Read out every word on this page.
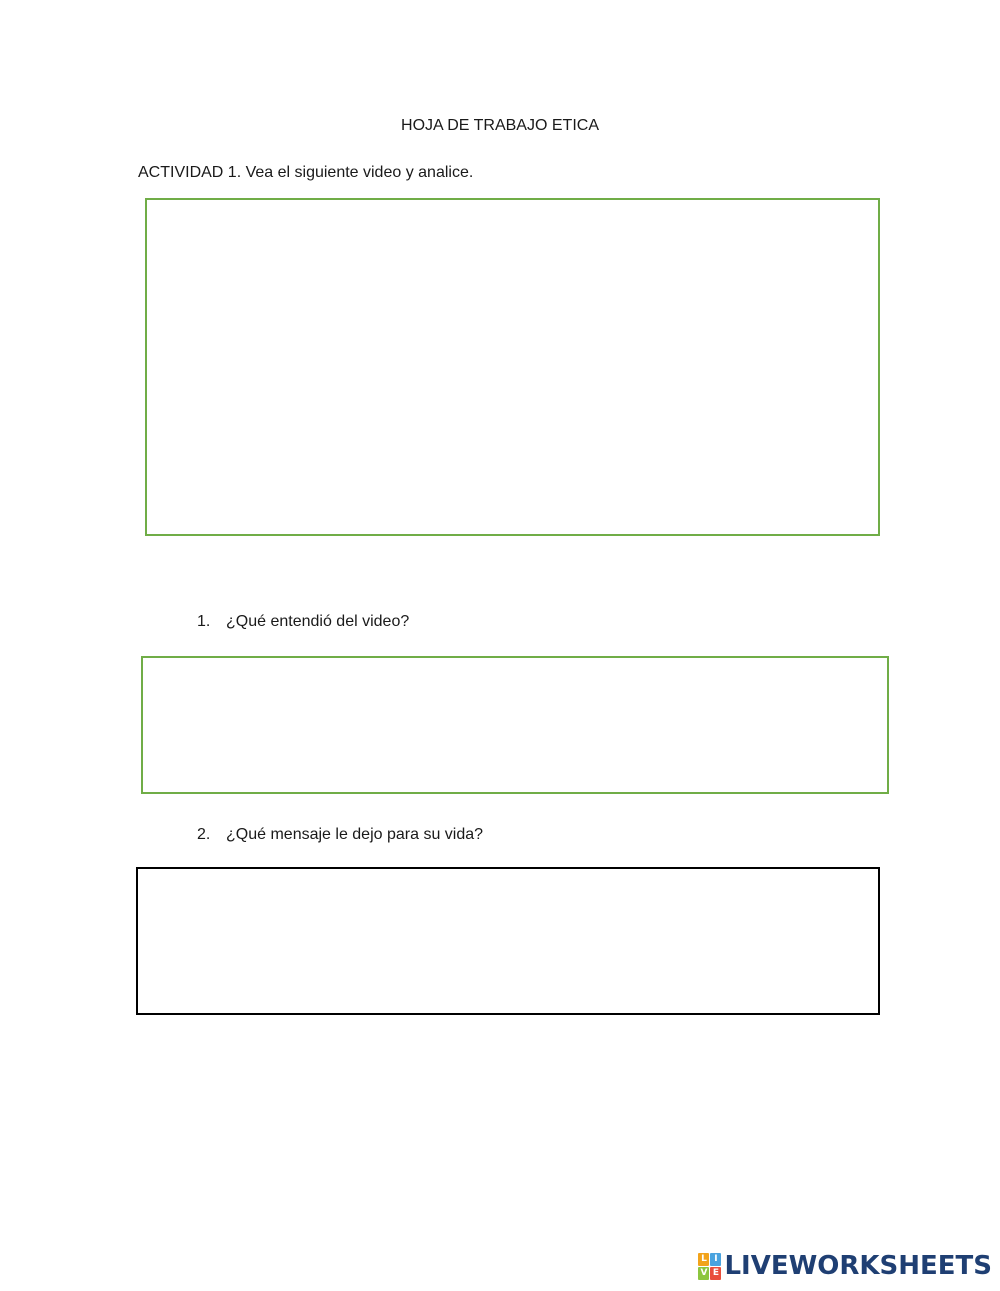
HOJA DE TRABAJO ETICA
ACTIVIDAD 1. Vea el siguiente video y analice.
1. ¿Qué entendió del video?
2. ¿Qué mensaje le dejo para su vida?
L I
V E LIVEWORKSHEETS
